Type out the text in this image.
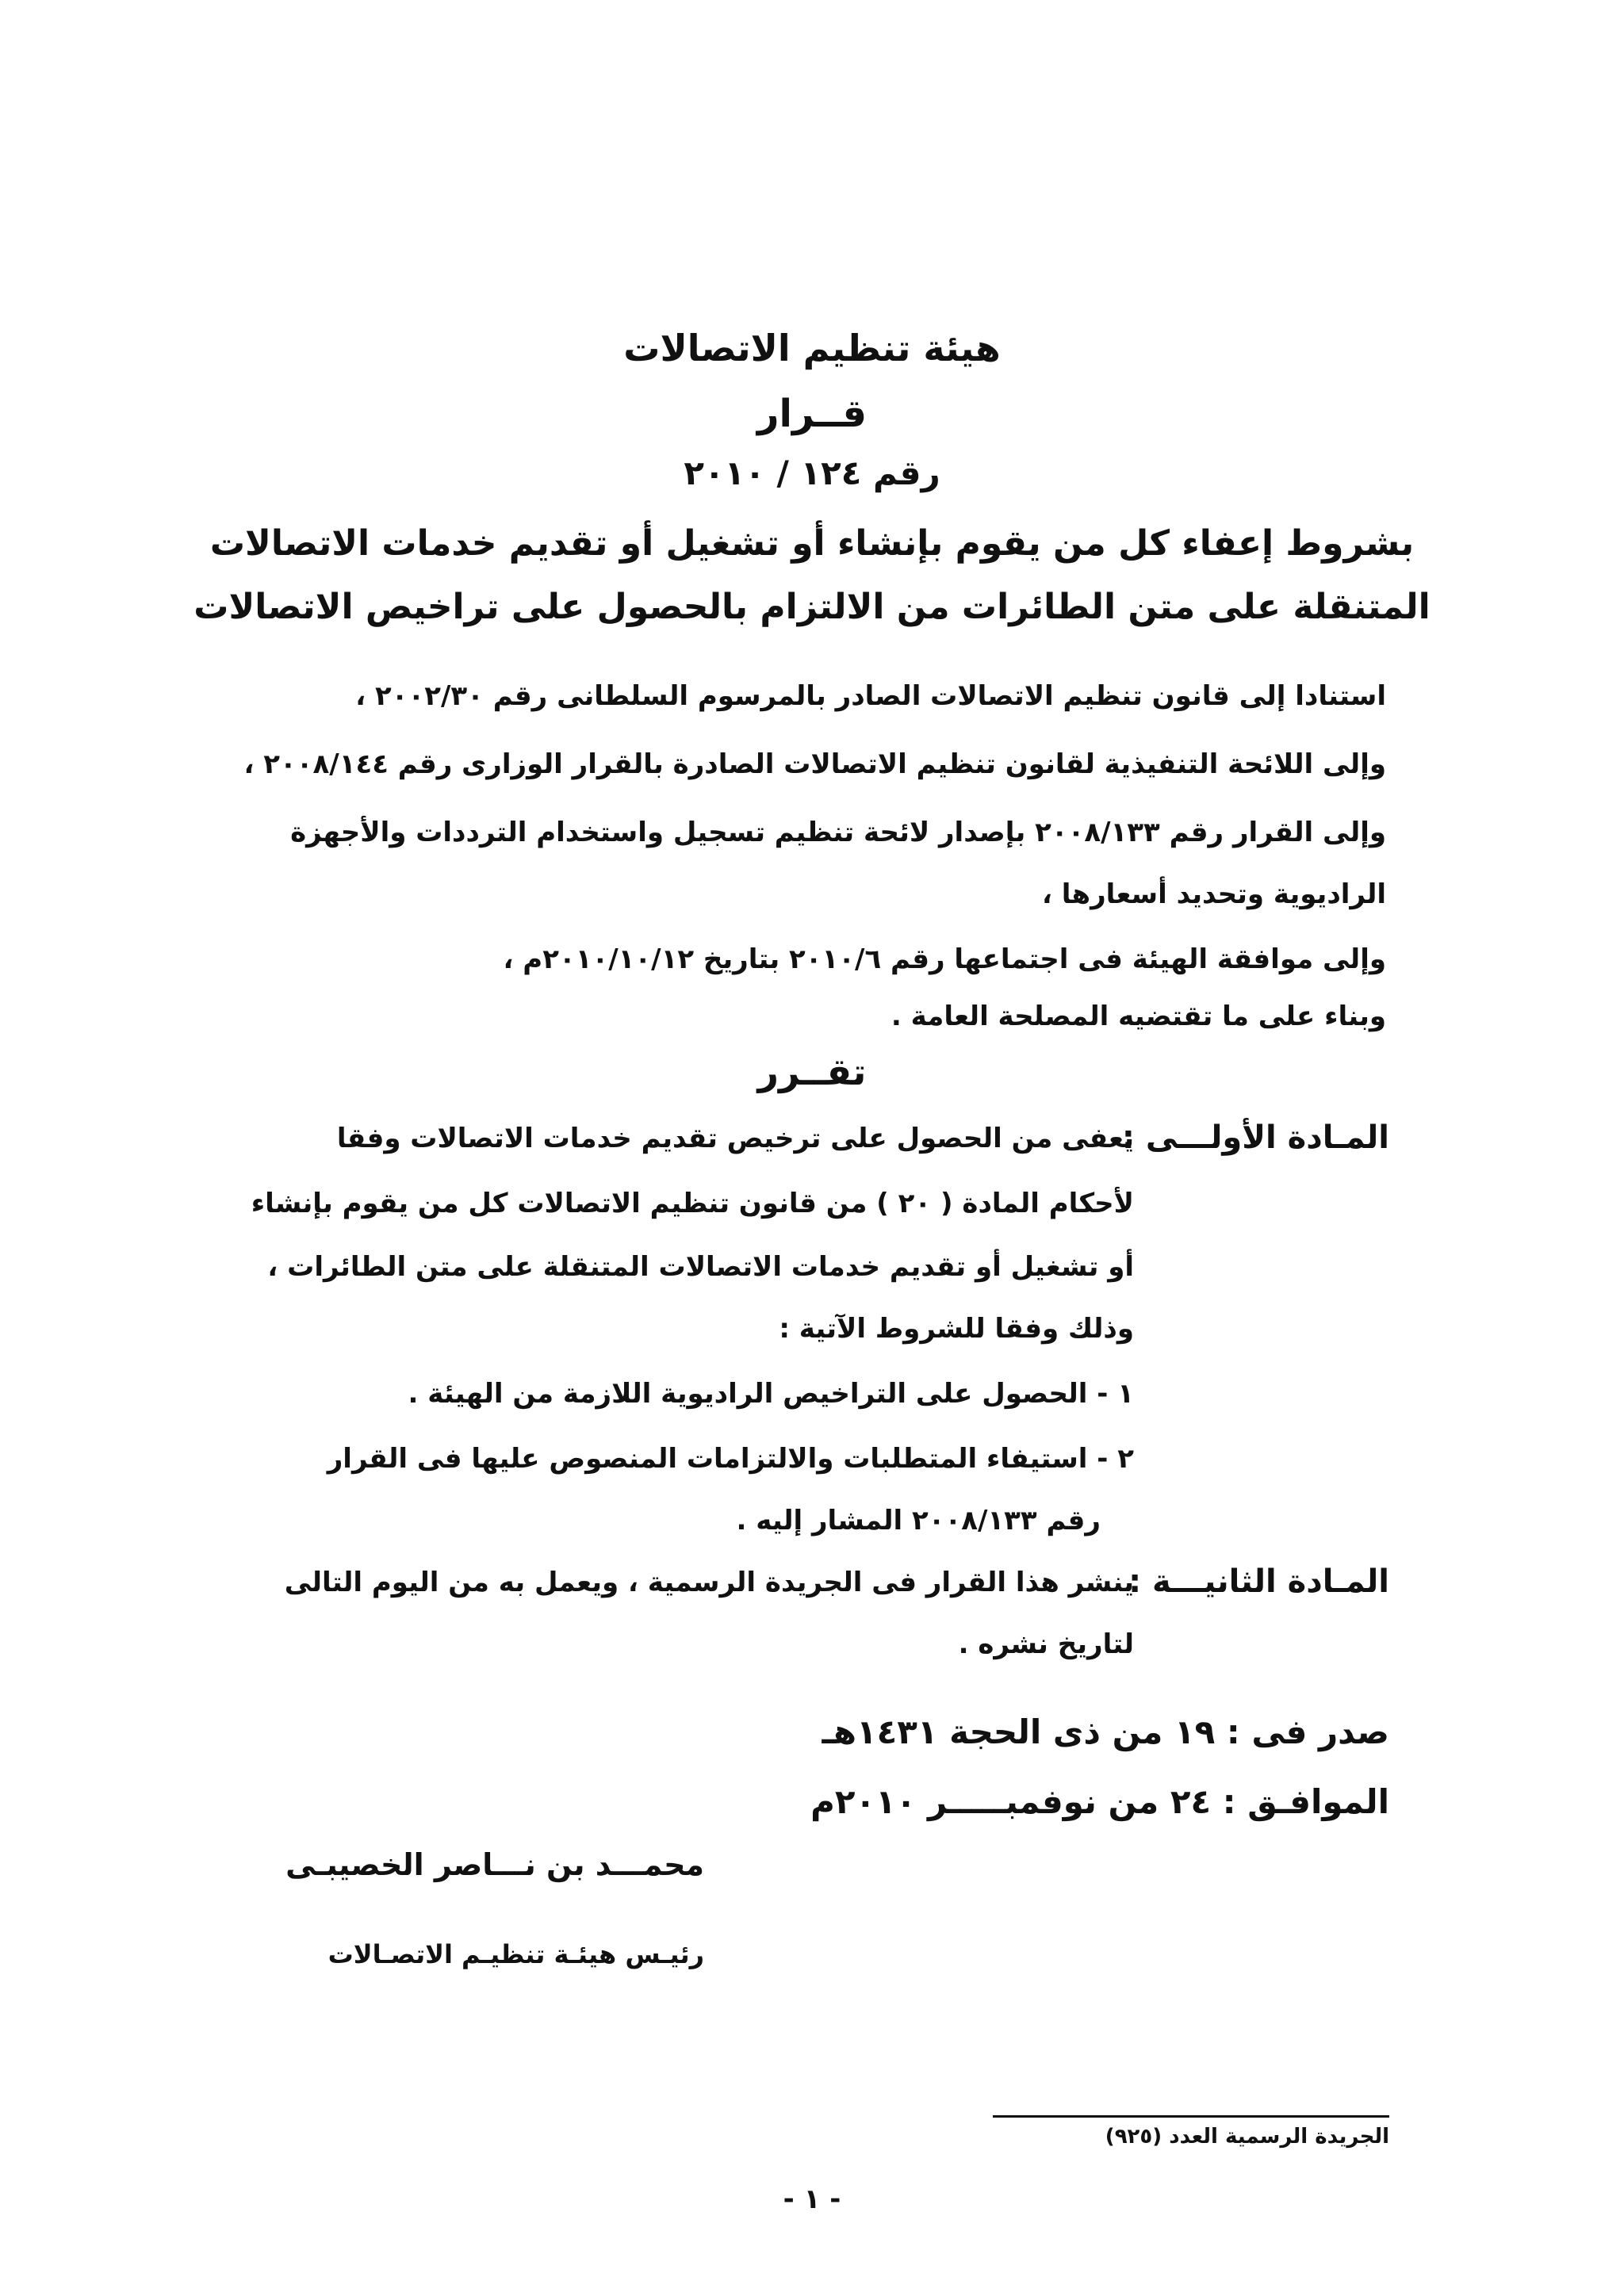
هيئة تنظيم الاتصالات
قــرار
رقم ١٢٤ / ٢٠١٠
بشروط إعفاء كل من يقوم بإنشاء أو تشغيل أو تقديم خدمات الاتصالات
المتنقلة على متن الطائرات من الالتزام بالحصول على تراخيص الاتصالات
استنادا إلى قانون تنظيم الاتصالات الصادر بالمرسوم السلطانى رقم ٢٠٠٢/٣٠ ،
وإلى اللائحة التنفيذية لقانون تنظيم الاتصالات الصادرة بالقرار الوزارى رقم ٢٠٠٨/١٤٤ ،
وإلى القرار رقم ٢٠٠٨/١٣٣ بإصدار لائحة تنظيم تسجيل واستخدام الترددات والأجهزة
الراديوية وتحديد أسعارها ،
وإلى موافقة الهيئة فى اجتماعها رقم ٢٠١٠/٦ بتاريخ ٢٠١٠/١٠/١٢م ،
وبناء على ما تقتضيه المصلحة العامة .
تقــرر
المـادة الأولـــى :
يعفى من الحصول على ترخيص تقديم خدمات الاتصالات وفقا
لأحكام المادة ( ٢٠ ) من قانون تنظيم الاتصالات كل من يقوم بإنشاء
أو تشغيل أو تقديم خدمات الاتصالات المتنقلة على متن الطائرات ،
وذلك وفقا للشروط الآتية :
١ - الحصول على التراخيص الراديوية اللازمة من الهيئة .
٢ - استيفاء المتطلبات والالتزامات المنصوص عليها فى القرار
رقم ٢٠٠٨/١٣٣ المشار إليه .
المـادة الثانيـــة :
ينشر هذا القرار فى الجريدة الرسمية ، ويعمل به من اليوم التالى
لتاريخ نشره .
صدر فى : ١٩ من ذى الحجة ١٤٣١هـ
الموافـق : ٢٤ من نوفمبـــــر ٢٠١٠م
محمـــد بن نـــاصر الخصيبـى
رئيـس هيئـة تنظيـم الاتصـالات
الجريدة الرسمية العدد (٩٢٥)
- ١ -
